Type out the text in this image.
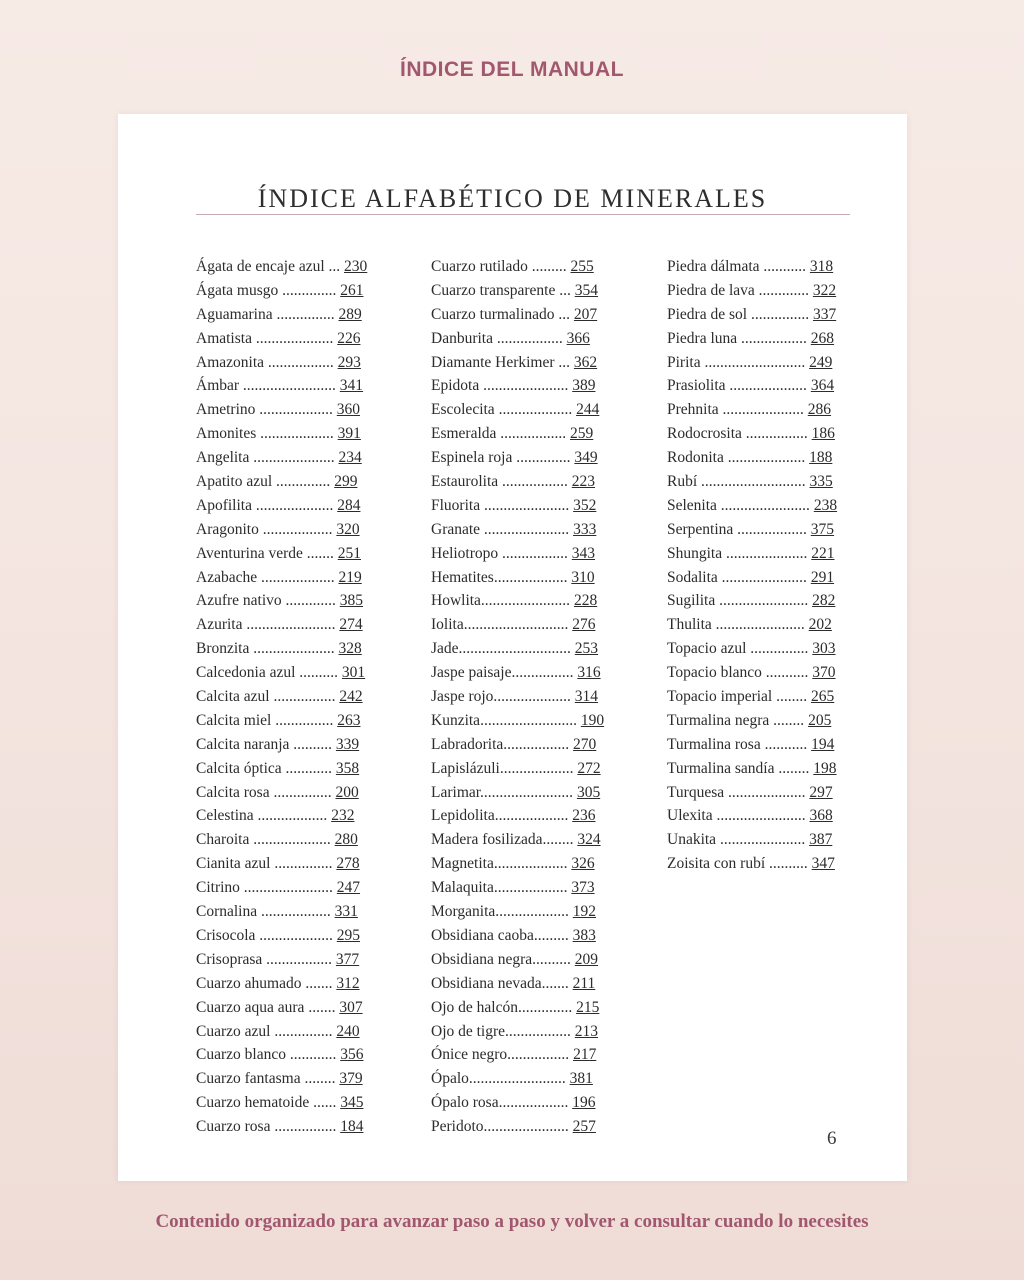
ÍNDICE DEL MANUAL
ÍNDICE ALFABÉTICO DE MINERALES
Ágata de encaje azul ... 230
Ágata musgo .............. 261
Aguamarina ............... 289
Amatista .................... 226
Amazonita ................. 293
Ámbar ........................ 341
Ametrino ................... 360
Amonites ................... 391
Angelita ..................... 234
Apatito azul .............. 299
Apofilita .................... 284
Aragonito .................. 320
Aventurina verde ....... 251
Azabache ................... 219
Azufre nativo ............. 385
Azurita ....................... 274
Bronzita ..................... 328
Calcedonia azul .......... 301
Calcita azul ................ 242
Calcita miel ............... 263
Calcita naranja .......... 339
Calcita óptica ............ 358
Calcita rosa ............... 200
Celestina .................. 232
Charoita .................... 280
Cianita azul ............... 278
Citrino ....................... 247
Cornalina .................. 331
Crisocola ................... 295
Crisoprasa ................. 377
Cuarzo ahumado ....... 312
Cuarzo aqua aura ....... 307
Cuarzo azul ............... 240
Cuarzo blanco ............ 356
Cuarzo fantasma ........ 379
Cuarzo hematoide ...... 345
Cuarzo rosa ................ 184
Cuarzo rutilado ......... 255
Cuarzo transparente ... 354
Cuarzo turmalinado ... 207
Danburita ................. 366
Diamante Herkimer ... 362
Epidota ...................... 389
Escolecita ................... 244
Esmeralda ................. 259
Espinela roja .............. 349
Estaurolita ................. 223
Fluorita ...................... 352
Granate ...................... 333
Heliotropo ................. 343
Hematites................... 310
Howlita....................... 228
Iolita........................... 276
Jade............................. 253
Jaspe paisaje................ 316
Jaspe rojo.................... 314
Kunzita......................... 190
Labradorita................. 270
Lapislázuli................... 272
Larimar........................ 305
Lepidolita................... 236
Madera fosilizada........ 324
Magnetita................... 326
Malaquita................... 373
Morganita................... 192
Obsidiana caoba......... 383
Obsidiana negra.......... 209
Obsidiana nevada....... 211
Ojo de halcón.............. 215
Ojo de tigre................. 213
Ónice negro................ 217
Ópalo......................... 381
Ópalo rosa.................. 196
Peridoto...................... 257
Piedra dálmata ........... 318
Piedra de lava ............. 322
Piedra de sol ............... 337
Piedra luna ................. 268
Pirita .......................... 249
Prasiolita .................... 364
Prehnita ..................... 286
Rodocrosita ................ 186
Rodonita .................... 188
Rubí ........................... 335
Selenita ....................... 238
Serpentina .................. 375
Shungita ..................... 221
Sodalita ...................... 291
Sugilita ....................... 282
Thulita ....................... 202
Topacio azul ............... 303
Topacio blanco ........... 370
Topacio imperial ........ 265
Turmalina negra ........ 205
Turmalina rosa ........... 194
Turmalina sandía ........ 198
Turquesa .................... 297
Ulexita ....................... 368
Unakita ...................... 387
Zoisita con rubí .......... 347
6
Contenido organizado para avanzar paso a paso y volver a consultar cuando lo necesites
